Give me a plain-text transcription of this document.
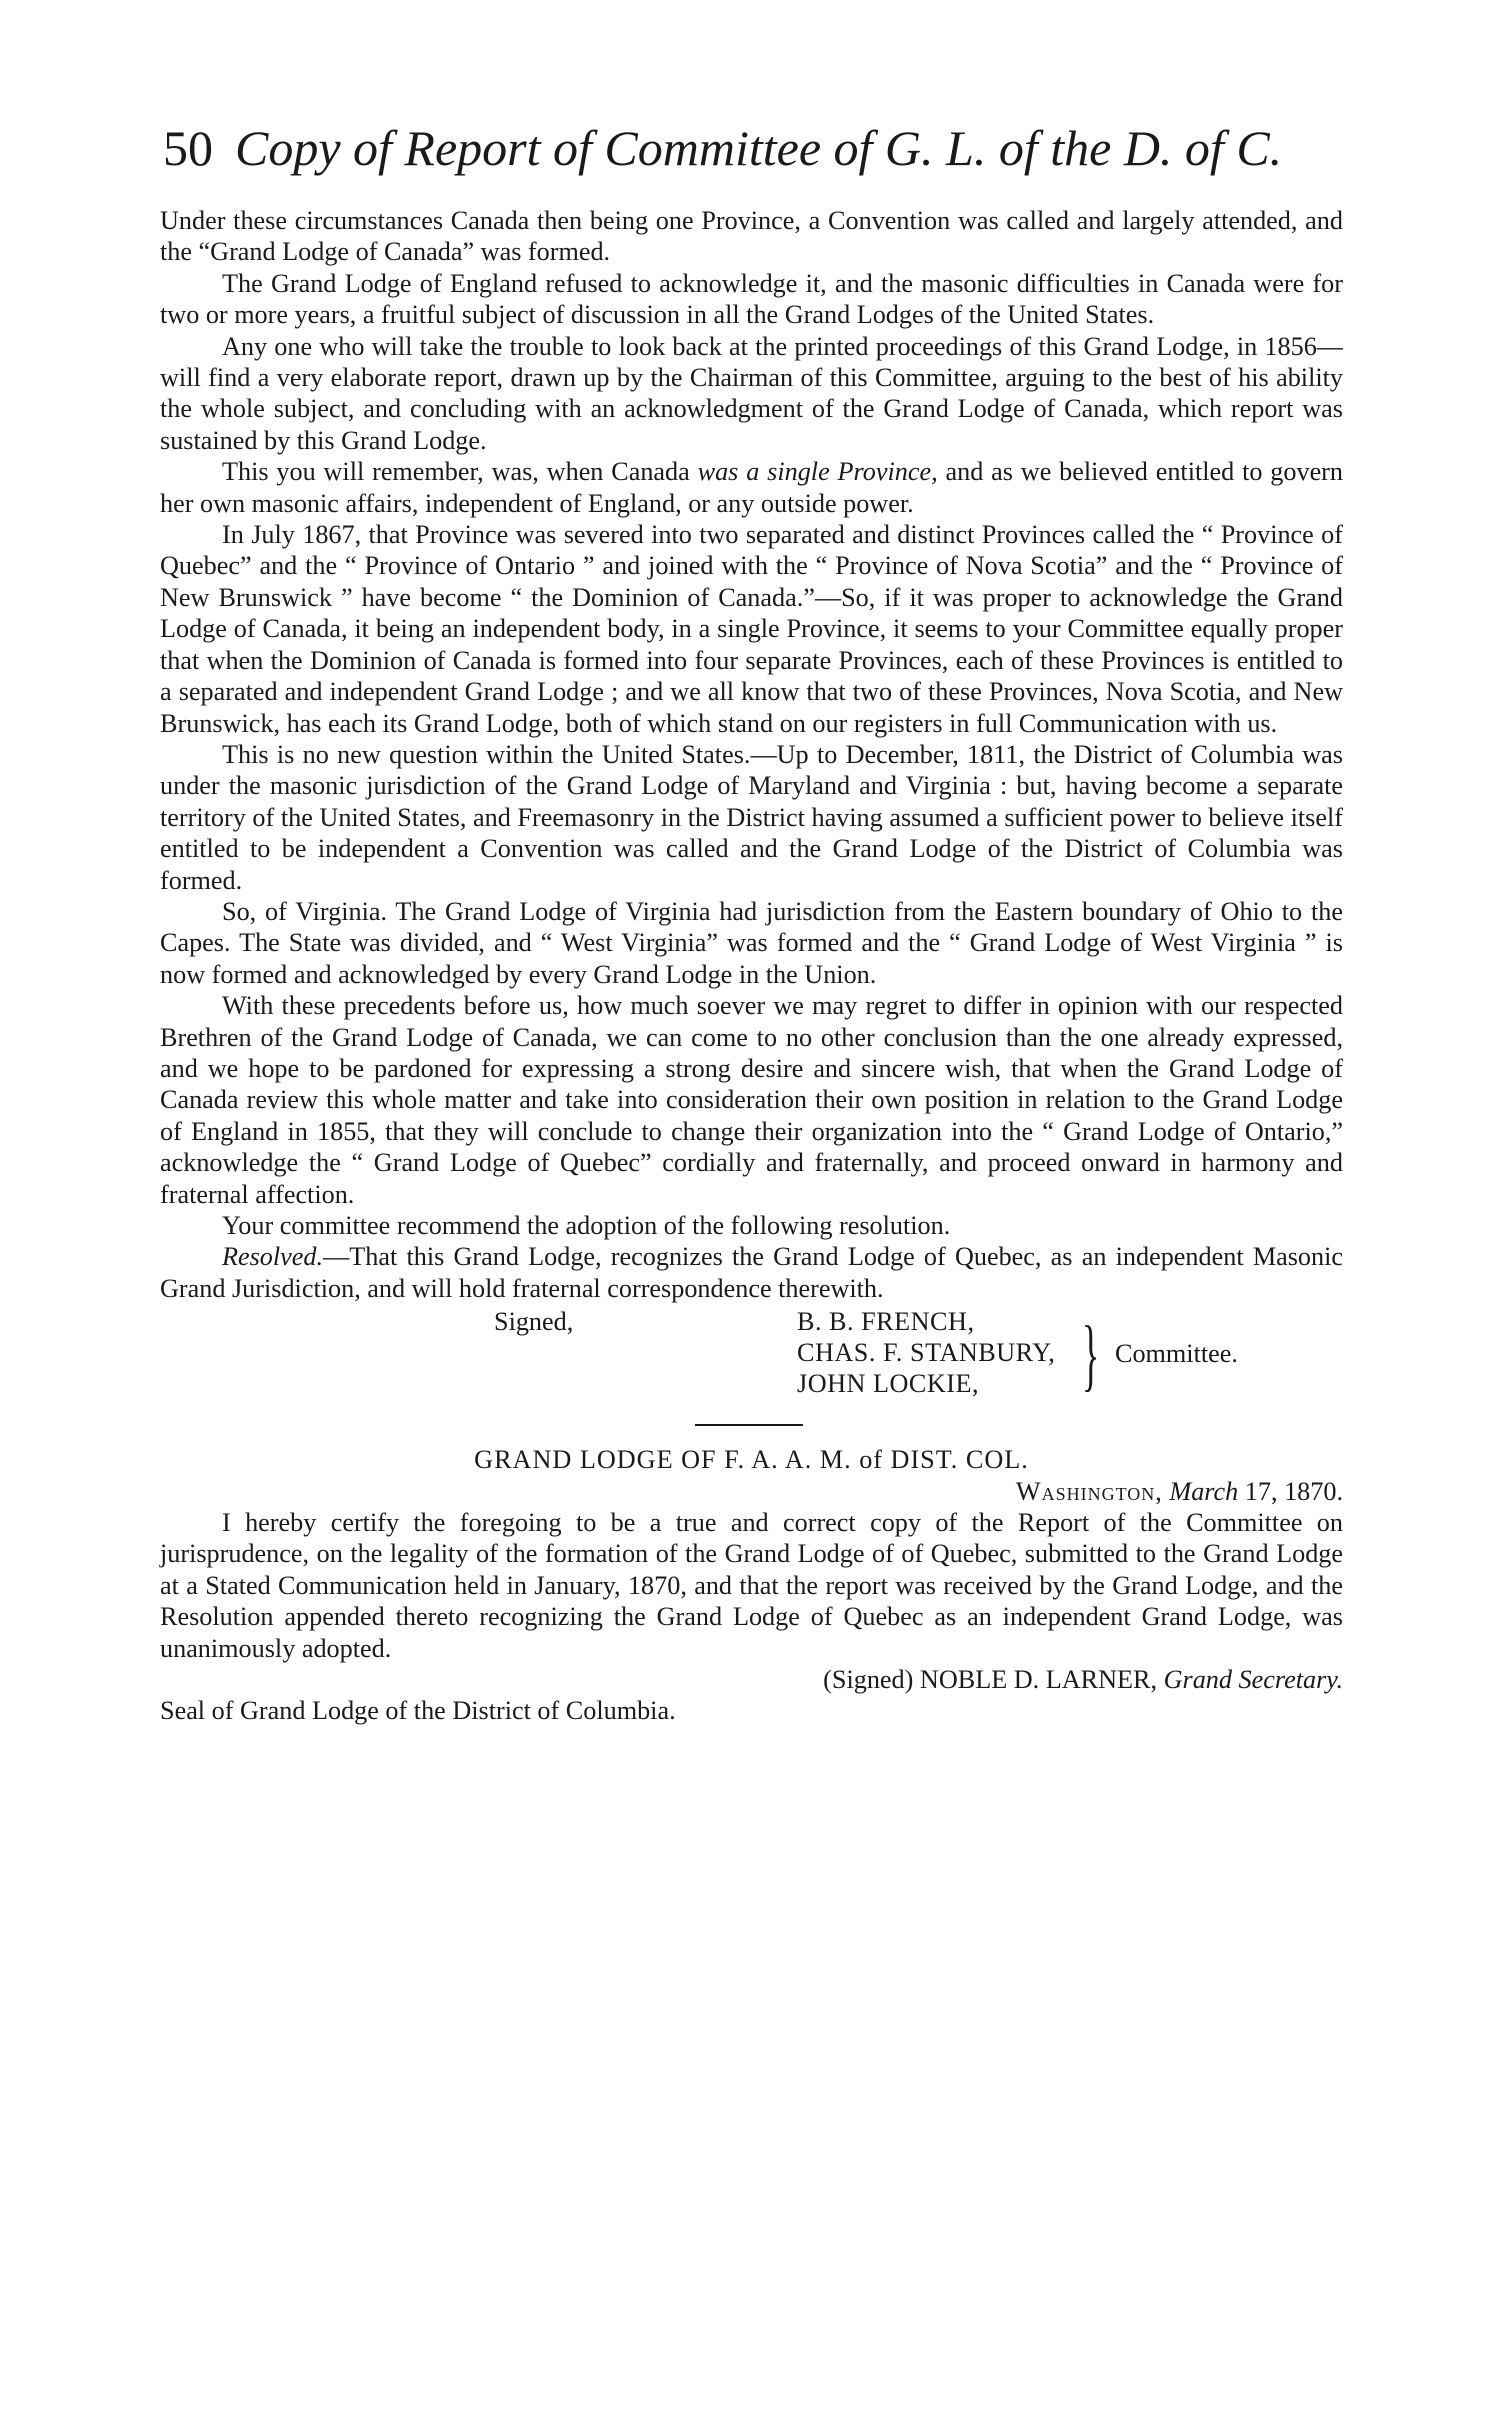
50 Copy of Report of Committee of G. L. of the D. of C.

Under these circumstances Canada then being one Province, a Convention was called and largely attended, and the “Grand Lodge of Canada” was formed.

The Grand Lodge of England refused to acknowledge it, and the masonic difficulties in Canada were for two or more years, a fruitful subject of discussion in all the Grand Lodges of the United States.

Any one who will take the trouble to look back at the printed proceedings of this Grand Lodge, in 1856—will find a very elaborate report, drawn up by the Chairman of this Committee, arguing to the best of his ability the whole subject, and concluding with an acknowledgment of the Grand Lodge of Canada, which report was sustained by this Grand Lodge.

This you will remember, was, when Canada was a single Province, and as we believed entitled to govern her own masonic affairs, independent of England, or any outside power.

In July 1867, that Province was severed into two separated and distinct Provinces called the “ Province of Quebec” and the “ Province of Ontario ” and joined with the “ Province of Nova Scotia” and the “ Province of New Brunswick ” have become “ the Dominion of Canada.”—So, if it was proper to acknowledge the Grand Lodge of Canada, it being an independent body, in a single Province, it seems to your Committee equally proper that when the Dominion of Canada is formed into four separate Provinces, each of these Provinces is entitled to a separated and independent Grand Lodge ; and we all know that two of these Provinces, Nova Scotia, and New Brunswick, has each its Grand Lodge, both of which stand on our registers in full Communication with us.

This is no new question within the United States.—Up to December, 1811, the District of Columbia was under the masonic jurisdiction of the Grand Lodge of Maryland and Virginia : but, having become a separate territory of the United States, and Freemasonry in the District having assumed a sufficient power to believe itself entitled to be independent a Convention was called and the Grand Lodge of the District of Columbia was formed.

So, of Virginia. The Grand Lodge of Virginia had jurisdiction from the Eastern boundary of Ohio to the Capes. The State was divided, and “ West Virginia” was formed and the “ Grand Lodge of West Virginia ” is now formed and acknowledged by every Grand Lodge in the Union.

With these precedents before us, how much soever we may regret to differ in opinion with our respected Brethren of the Grand Lodge of Canada, we can come to no other conclusion than the one already expressed, and we hope to be pardoned for expressing a strong desire and sincere wish, that when the Grand Lodge of Canada review this whole matter and take into consideration their own position in relation to the Grand Lodge of England in 1855, that they will conclude to change their organization into the “ Grand Lodge of Ontario,” acknowledge the “ Grand Lodge of Quebec” cordially and fraternally, and proceed onward in harmony and fraternal affection.

Your committee recommend the adoption of the following resolution.

Resolved.—That this Grand Lodge, recognizes the Grand Lodge of Quebec, as an independent Masonic Grand Jurisdiction, and will hold fraternal correspondence therewith.

Signed,	B. B. FRENCH,
CHAS. F. STANBURY,
JOHN LOCKIE,	} Committee.

GRAND LODGE OF F. A. A. M. of DIST. COL.

Washington, March 17, 1870.

I hereby certify the foregoing to be a true and correct copy of the Report of the Committee on jurisprudence, on the legality of the formation of the Grand Lodge of of Quebec, submitted to the Grand Lodge at a Stated Communication held in January, 1870, and that the report was received by the Grand Lodge, and the Resolution appended thereto recognizing the Grand Lodge of Quebec as an independent Grand Lodge, was unanimously adopted.

(Signed) NOBLE D. LARNER, Grand Secretary.

Seal of Grand Lodge of the District of Columbia.
